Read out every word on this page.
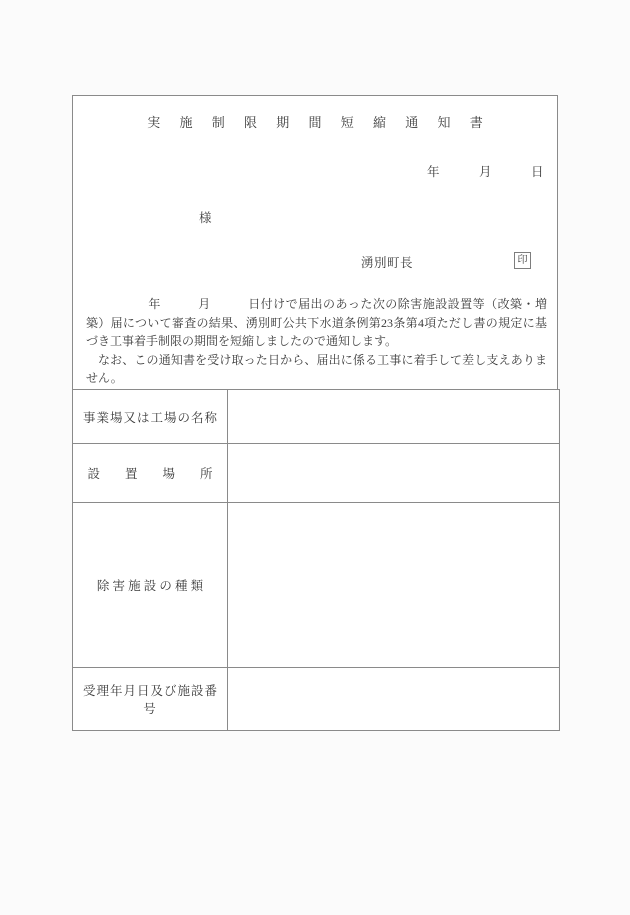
実 施 制 限 期 間 短 縮 通 知 書
年　　　月　　　日
様
湧別町長	印

　　　　　年　　　月　　　日付けで届出のあった次の除害施設設置等（改築・増築）届について審査の結果、湧別町公共下水道条例第23条第4項ただし書の規定に基づき工事着手制限の期間を短縮しましたので通知します。

なお、この通知書を受け取った日から、届出に係る工事に着手して差し支えありません。

事業場又は工場の名称	
設　　置　　場　　所	
除 害 施 設 の 種 類	
受理年月日及び施設番号	
